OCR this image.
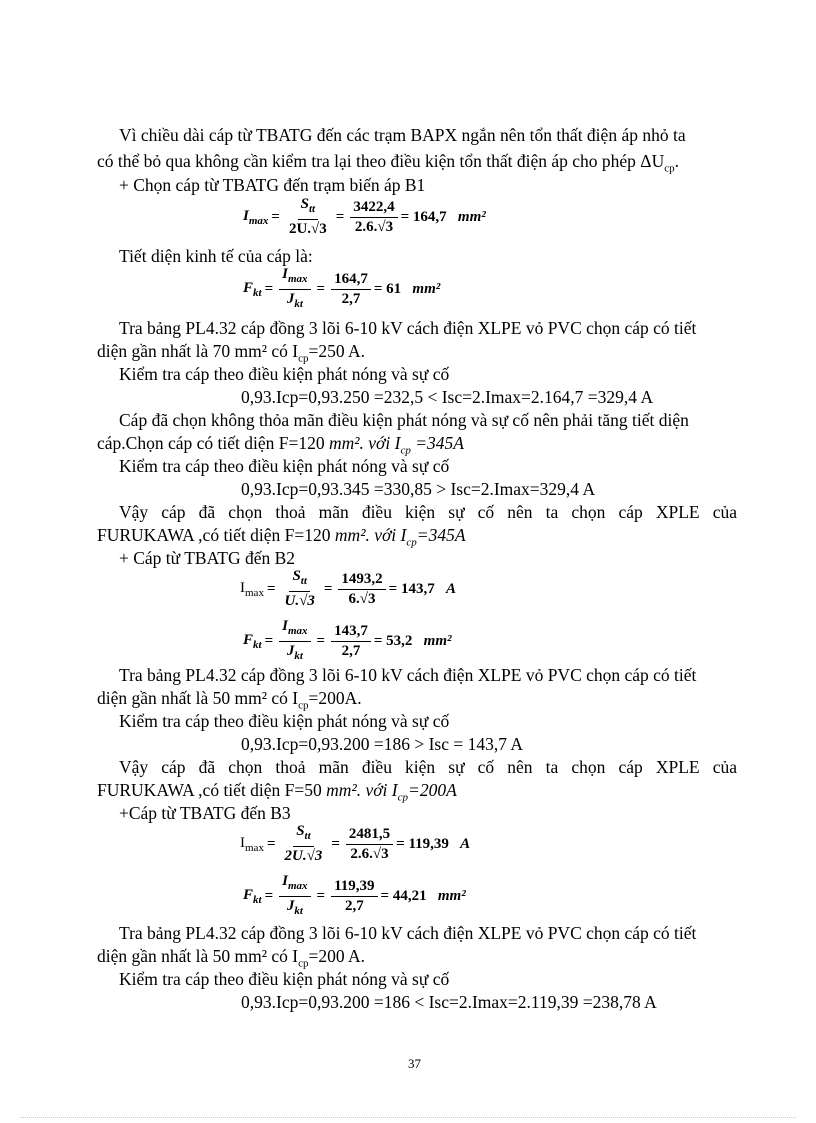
Vì chiều dài cáp từ TBATG đến các trạm BAPX ngắn nên tổn thất điện áp nhỏ ta
có thể bỏ qua không cần kiểm tra lại theo điều kiện tổn thất điện áp cho phép $\Delta U_{cp}$.
+ Chọn cáp từ TBATG đến trạm biến áp B1
$I_{max} = \frac{S_{tt}}{2U.√3} = \frac{3422,4}{2.6.√3} = 164,7$
mm²
Tiết diện kinh tế của cáp là:
$F_{kt} = \frac{I_{max}}{J_{kt}} = \frac{164,7}{2,7} = 61$
mm²
Tra bảng PL4.32 cáp đồng 3 lõi 6-10 kV cách điện XLPE vỏ PVC chọn cáp có tiết
diện gần nhất là 70 mm² có $I_{cp}=250$ A.
Kiểm tra cáp theo điều kiện phát nóng và sự cố
0,93.Icp=0,93.250 =232,5 < Isc=2.Imax=2.164,7 =329,4 A
Cáp đã chọn không thỏa mãn điều kiện phát nóng và sự cố nên phải tăng tiết diện
cáp.Chọn cáp có tiết diện F=120 mm². với $I_{cp} =345A$
Kiểm tra cáp theo điều kiện phát nóng và sự cố
0,93.Icp=0,93.345 =330,85 > Isc=2.Imax=329,4 A
Vậy cáp đã chọn thoả mãn điều kiện sự cố nên ta chọn cáp XPLE của
FURUKAWA ,có tiết diện F=120 mm². với $I_{cp}=345A$
+ Cáp từ TBATG đến B2
$I_{max} = \frac{S_{tt}}{U.√3} = \frac{1493,2}{6.√3} = 143,7$
A
$F_{kt} = \frac{I_{max}}{J_{kt}} = \frac{143,7}{2,7} = 53,2$
mm²
Tra bảng PL4.32 cáp đồng 3 lõi 6-10 kV cách điện XLPE vỏ PVC chọn cáp có tiết
diện gần nhất là 50 mm² có $I_{cp}=200A$.
Kiểm tra cáp theo điều kiện phát nóng và sự cố
0,93.Icp=0,93.200 =186 > Isc = 143,7 A
Vậy cáp đã chọn thoả mãn điều kiện sự cố nên ta chọn cáp XPLE của
FURUKAWA ,có tiết diện F=50 mm². với $I_{cp}=200A$
+Cáp từ TBATG đến B3
$I_{max} = \frac{S_{tt}}{2U.√3} = \frac{2481,5}{2.6.√3} = 119,39$
A
$F_{kt} = \frac{I_{max}}{J_{kt}} = \frac{119,39}{2,7} = 44,21$
mm²
Tra bảng PL4.32 cáp đồng 3 lõi 6-10 kV cách điện XLPE vỏ PVC chọn cáp có tiết
diện gần nhất là 50 mm² có $I_{cp}=200$ A.
Kiểm tra cáp theo điều kiện phát nóng và sự cố
0,93.Icp=0,93.200 =186 < Isc=2.Imax=2.119,39 =238,78 A
37
